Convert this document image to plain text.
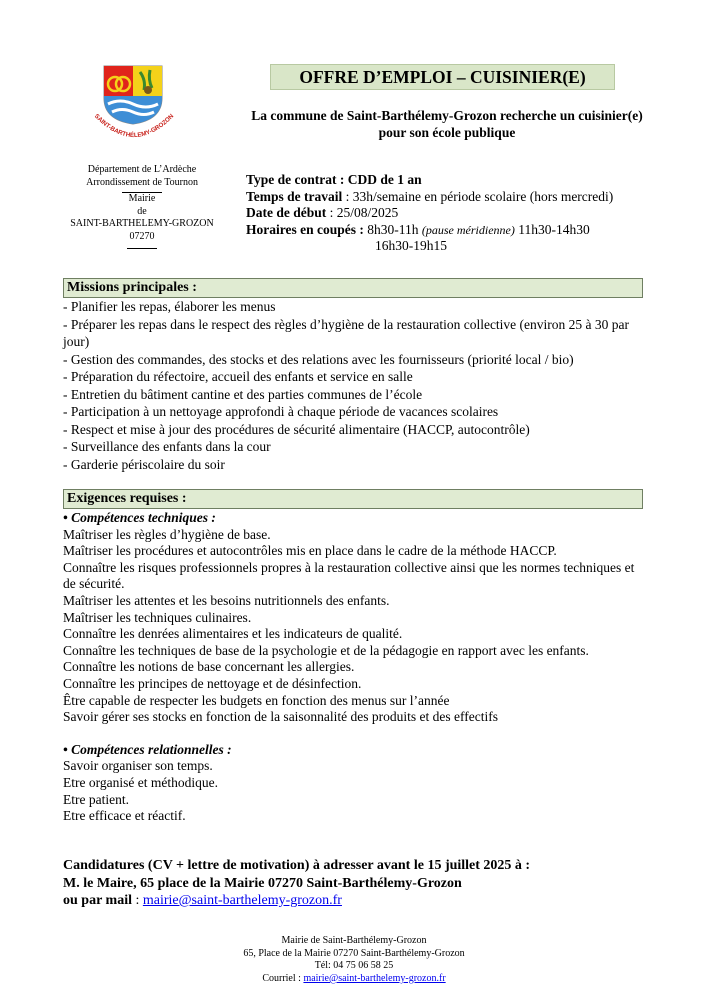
SAINT-BARTHÉLEMY-GROZON
Département de L’Ardèche
Arrondissement de Tournon
Mairie
de
SAINT-BARTHELEMY-GROZON
07270
OFFRE D’EMPLOI – CUISINIER(E)
La commune de Saint-Barthélemy-Grozon recherche un cuisinier(e)
pour son école publique
Type de contrat : CDD de 1 an
Temps de travail : 33h/semaine en période scolaire (hors mercredi)
Date de début : 25/08/2025
Horaires en coupés : 8h30-11h (pause méridienne) 11h30-14h30
16h30-19h15
Missions principales :
- Planifier les repas, élaborer les menus
- Préparer les repas dans le respect des règles d’hygiène de la restauration collective (environ 25 à 30 par jour)
- Gestion des commandes, des stocks et des relations avec les fournisseurs (priorité local / bio)
- Préparation du réfectoire, accueil des enfants et service en salle
- Entretien du bâtiment cantine et des parties communes de l’école
- Participation à un nettoyage approfondi à chaque période de vacances scolaires
- Respect et mise à jour des procédures de sécurité alimentaire (HACCP, autocontrôle)
- Surveillance des enfants dans la cour
- Garderie périscolaire du soir
Exigences requises :
• Compétences techniques :
Maîtriser les règles d’hygiène de base.
Maîtriser les procédures et autocontrôles mis en place dans le cadre de la méthode HACCP.
Connaître les risques professionnels propres à la restauration collective ainsi que les normes techniques et de sécurité.
Maîtriser les attentes et les besoins nutritionnels des enfants.
Maîtriser les techniques culinaires.
Connaître les denrées alimentaires et les indicateurs de qualité.
Connaître les techniques de base de la psychologie et de la pédagogie en rapport avec les enfants.
Connaître les notions de base concernant les allergies.
Connaître les principes de nettoyage et de désinfection.
Être capable de respecter les budgets en fonction des menus sur l’année
Savoir gérer ses stocks en fonction de la saisonnalité des produits et des effectifs
• Compétences relationnelles :
Savoir organiser son temps.
Etre organisé et méthodique.
Etre patient.
Etre efficace et réactif.
Candidatures (CV + lettre de motivation) à adresser avant le 15 juillet 2025 à :
M. le Maire, 65 place de la Mairie 07270 Saint-Barthélemy-Grozon
ou par mail : mairie@saint-barthelemy-grozon.fr
Mairie de Saint-Barthélemy-Grozon
65, Place de la Mairie 07270 Saint-Barthélemy-Grozon
Tél: 04 75 06 58 25
Courriel : mairie@saint-barthelemy-grozon.fr
